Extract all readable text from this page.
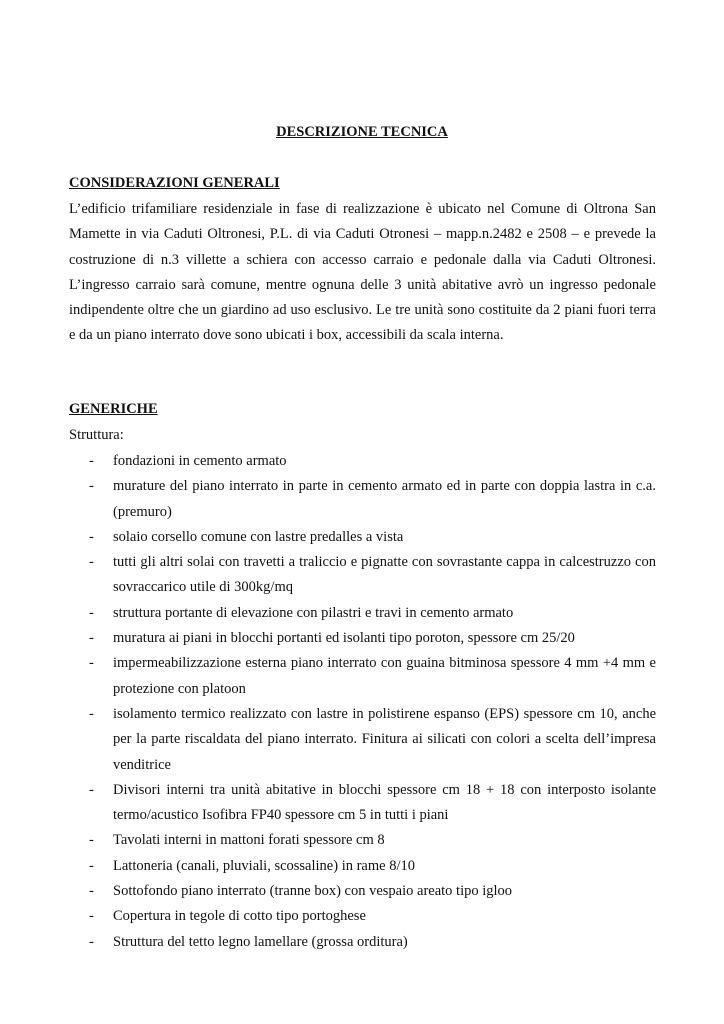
DESCRIZIONE TECNICA
CONSIDERAZIONI GENERALI

L’edificio trifamiliare residenziale in fase di realizzazione è ubicato nel Comune di Oltrona San Mamette in via Caduti Oltronesi, P.L. di via Caduti Otronesi – mapp.n.2482 e 2508 – e prevede la costruzione di n.3 villette a schiera con accesso carraio e pedonale dalla via Caduti Oltronesi. L’ingresso carraio sarà comune, mentre ognuna delle 3 unità abitative avrò un ingresso pedonale indipendente oltre che un giardino ad uso esclusivo. Le tre unità sono costituite da 2 piani fuori terra e da un piano interrato dove sono ubicati i box, accessibili da scala interna.

GENERICHE

Struttura:

-	fondazioni in cemento armato
-	murature del piano interrato in parte in cemento armato ed in parte con doppia lastra in c.a. (premuro)
-	solaio corsello comune con lastre predalles a vista
-	tutti gli altri solai con travetti a traliccio e pignatte con sovrastante cappa in calcestruzzo con sovraccarico utile di 300kg/mq
-	struttura portante di elevazione con pilastri e travi in cemento armato
-	muratura ai piani in blocchi portanti ed isolanti tipo poroton, spessore cm 25/20
-	impermeabilizzazione esterna piano interrato con guaina bitminosa spessore 4 mm +4 mm e protezione con platoon
-	isolamento termico realizzato con lastre in polistirene espanso (EPS) spessore cm 10, anche per la parte riscaldata del piano interrato. Finitura ai silicati con colori a scelta dell’impresa venditrice
-	Divisori interni tra unità abitative in blocchi spessore cm 18 + 18 con interposto isolante termo/acustico Isofibra FP40 spessore cm 5 in tutti i piani
-	Tavolati interni in mattoni forati spessore cm 8
-	Lattoneria (canali, pluviali, scossaline) in rame 8/10
-	Sottofondo piano interrato (tranne box) con vespaio areato tipo igloo
-	Copertura in tegole di cotto tipo portoghese
-	Struttura del tetto legno lamellare (grossa orditura)
